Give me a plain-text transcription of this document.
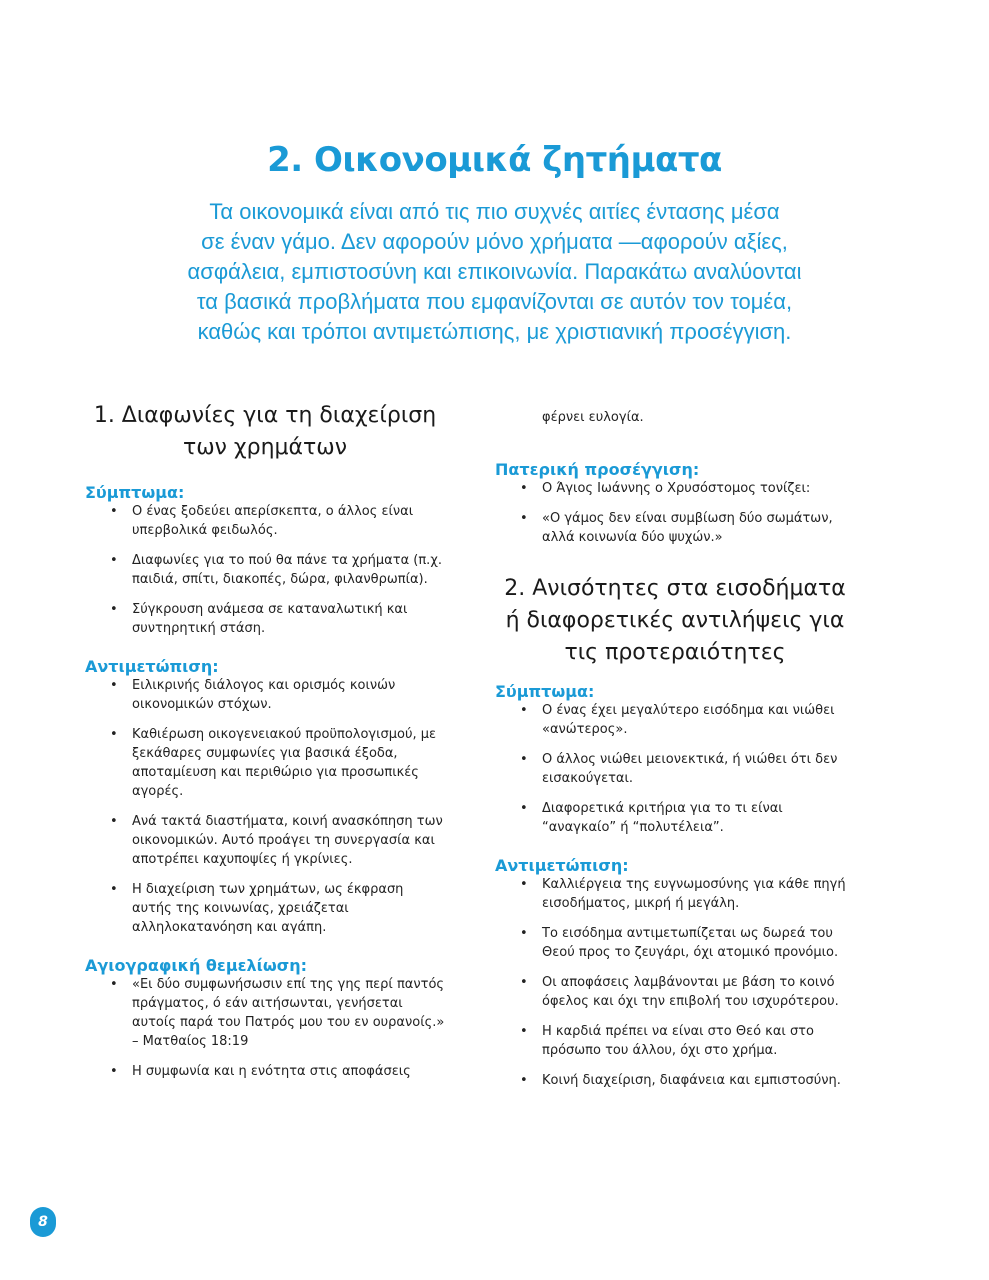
2. Οικονομικά ζητήματα

Τα οικονομικά είναι από τις πιο συχνές αιτίες έντασης μέσα
σε έναν γάμο. Δεν αφορούν μόνο χρήματα —αφορούν αξίες,
ασφάλεια, εμπιστοσύνη και επικοινωνία. Παρακάτω αναλύονται
τα βασικά προβλήματα που εμφανίζονται σε αυτόν τον τομέα,
καθώς και τρόποι αντιμετώπισης, με χριστιανική προσέγγιση.

1. Διαφωνίες για τη διαχείριση
των χρημάτων
Σύμπτωμα:
• Ο ένας ξοδεύει απερίσκεπτα, ο άλλος είναι υπερβολικά φειδωλός.
• Διαφωνίες για το πού θα πάνε τα χρήματα (π.χ. παιδιά, σπίτι, διακοπές, δώρα, φιλανθρωπία).
• Σύγκρουση ανάμεσα σε καταναλωτική και συντηρητική στάση.
Αντιμετώπιση:
• Ειλικρινής διάλογος και ορισμός κοινών οικονομικών στόχων.
• Καθιέρωση οικογενειακού προϋπολογισμού, με ξεκάθαρες συμφωνίες για βασικά έξοδα, αποταμίευση και περιθώριο για προσωπικές αγορές.
• Ανά τακτά διαστήματα, κοινή ανασκόπηση των οικονομικών. Αυτό προάγει τη συνεργασία και αποτρέπει καχυποψίες ή γκρίνιες.
• Η διαχείριση των χρημάτων, ως έκφραση αυτής της κοινωνίας, χρειάζεται αλληλοκατανόηση και αγάπη.
Αγιογραφική θεμελίωση:
• «Ει δύο συμφωνήσωσιν επί της γης περί παντός πράγματος, ό εάν αιτήσωνται, γενήσεται αυτοίς παρά του Πατρός μου του εν ουρανοίς.» – Ματθαίος 18:19
• Η συμφωνία και η ενότητα στις αποφάσεις

φέρνει ευλογία.

Πατερική προσέγγιση:
• Ο Άγιος Ιωάννης ο Χρυσόστομος τονίζει:
• «Ο γάμος δεν είναι συμβίωση δύο σωμάτων, αλλά κοινωνία δύο ψυχών.»
2. Ανισότητες στα εισοδήματα
ή διαφορετικές αντιλήψεις για
τις προτεραιότητες
Σύμπτωμα:
• Ο ένας έχει μεγαλύτερο εισόδημα και νιώθει «ανώτερος».
• Ο άλλος νιώθει μειονεκτικά, ή νιώθει ότι δεν εισακούγεται.
• Διαφορετικά κριτήρια για το τι είναι “αναγκαίο” ή “πολυτέλεια”.
Αντιμετώπιση:
• Καλλιέργεια της ευγνωμοσύνης για κάθε πηγή εισοδήματος, μικρή ή μεγάλη.
• Το εισόδημα αντιμετωπίζεται ως δωρεά του Θεού προς το ζευγάρι, όχι ατομικό προνόμιο.
• Οι αποφάσεις λαμβάνονται με βάση το κοινό όφελος και όχι την επιβολή του ισχυρότερου.
• Η καρδιά πρέπει να είναι στο Θεό και στο πρόσωπο του άλλου, όχι στο χρήμα.
• Κοινή διαχείριση, διαφάνεια και εμπιστοσύνη.
8
